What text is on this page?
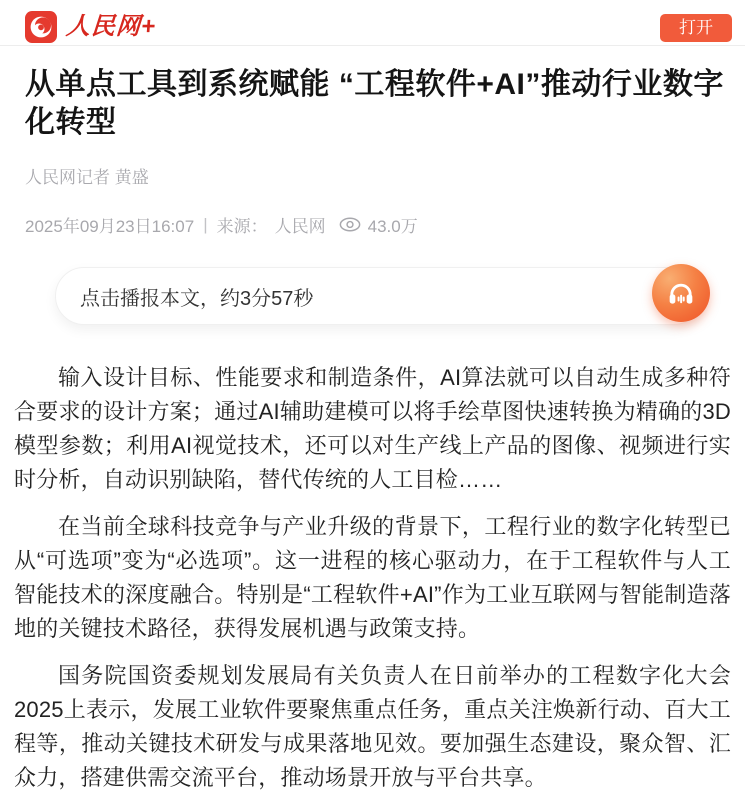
人民网+	打开
从单点工具到系统赋能 “工程软件+AI”推动行业数字化转型
人民网记者 黄盛
2025年09月23日16:07 | 来源： 人民网 43.0万
点击播报本文，约3分57秒

输入设计目标、性能要求和制造条件，AI算法就可以自动生成多种符合要求的设计方案；通过AI辅助建模可以将手绘草图快速转换为精确的3D模型参数；利用AI视觉技术，还可以对生产线上产品的图像、视频进行实时分析，自动识别缺陷，替代传统的人工目检……

在当前全球科技竞争与产业升级的背景下，工程行业的数字化转型已从“可选项”变为“必选项”。这一进程的核心驱动力，在于工程软件与人工智能技术的深度融合。特别是“工程软件+AI”作为工业互联网与智能制造落地的关键技术路径，获得发展机遇与政策支持。

国务院国资委规划发展局有关负责人在日前举办的工程数字化大会2025上表示，发展工业软件要聚焦重点任务，重点关注焕新行动、百大工程等，推动关键技术研发与成果落地见效。要加强生态建设，聚众智、汇众力，搭建供需交流平台，推动场景开放与平台共享。
